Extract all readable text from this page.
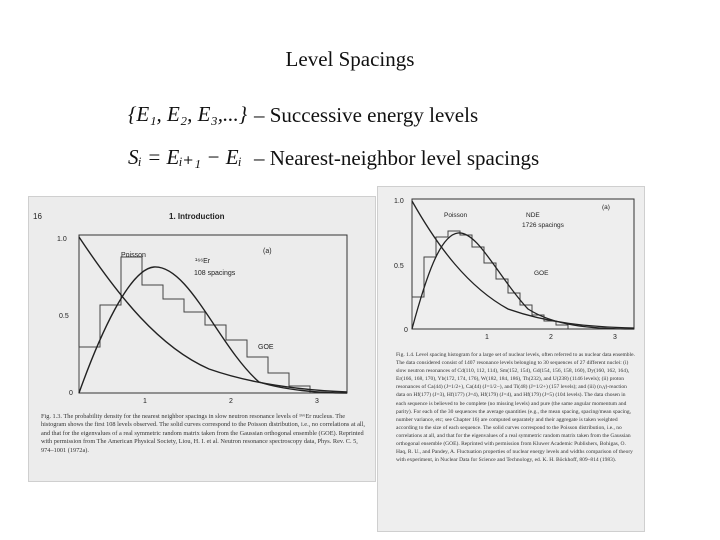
Level Spacings
{E₁, E₂, E₃,...} – Successive energy levels
Sᵢ = Eᵢ₊₁ − Eᵢ – Nearest-neighbor level spacings
16	1. Introduction
1.0
0.5
0
1	2	3
Poisson
¹⁶⁶Er
108 spacings
(a)
GOE
Fig. 1.3. The probability density for the nearest neighbor spacings in slow neutron resonance levels of ¹⁶⁶Er nucleus. The histogram shows the first 108 levels observed. The solid curves correspond to the Poisson distribution, i.e., no correlations at all, and that for the eigenvalues of a real symmetric random matrix taken from the Gaussian orthogonal ensemble (GOE). Reprinted with permission from The American Physical Society, Liou, H. I. et al. Neutron resonance spectroscopy data, Phys. Rev. C. 5, 974–1001 (1972a).
1.0
0.5
0
1	2	3
Poisson	NDE
1726 spacings
(a)
GOE
Fig. 1.4. Level spacing histogram for a large set of nuclear levels, often referred to as nuclear data ensemble. The data considered consist of 1407 resonance levels belonging to 30 sequences of 27 different nuclei: (i) slow neutron resonances of Cd(110, 112, 114), Sm(152, 154), Gd(154, 156, 158, 160), Dy(160, 162, 164), Er(166, 168, 170), Yb(172, 174, 176), W(182, 184, 186), Th(232), and U(238) (1146 levels); (ii) proton resonances of Ca(44) (J=1/2+), Ca(44) (J=1/2−), and Ti(48) (J=1/2+) (157 levels); and (iii) (n,γ)-reaction data on Hf(177) (J=3), Hf(177) (J=4), Hf(179) (J=4), and Hf(179) (J=5) (104 levels). The data chosen in each sequence is believed to be complete (no missing levels) and pure (the same angular momentum and parity). For each of the 30 sequences the average quantities (e.g., the mean spacing, spacing/mean spacing, number variance, etc; see Chapter 16) are computed separately and their aggregate is taken weighted according to the size of each sequence. The solid curves correspond to the Poisson distribution, i.e., no correlations at all, and that for the eigenvalues of a real symmetric random matrix taken from the Gaussian orthogonal ensemble (GOE). Reprinted with permission from Kluwer Academic Publishers, Bohigas, O. Haq, R. U., and Pandey, A. Fluctuation properties of nuclear energy levels and widths comparison of theory with experiment, in Nuclear Data for Science and Technology, ed. K. H. Böckhoff, 809–814 (1983).
